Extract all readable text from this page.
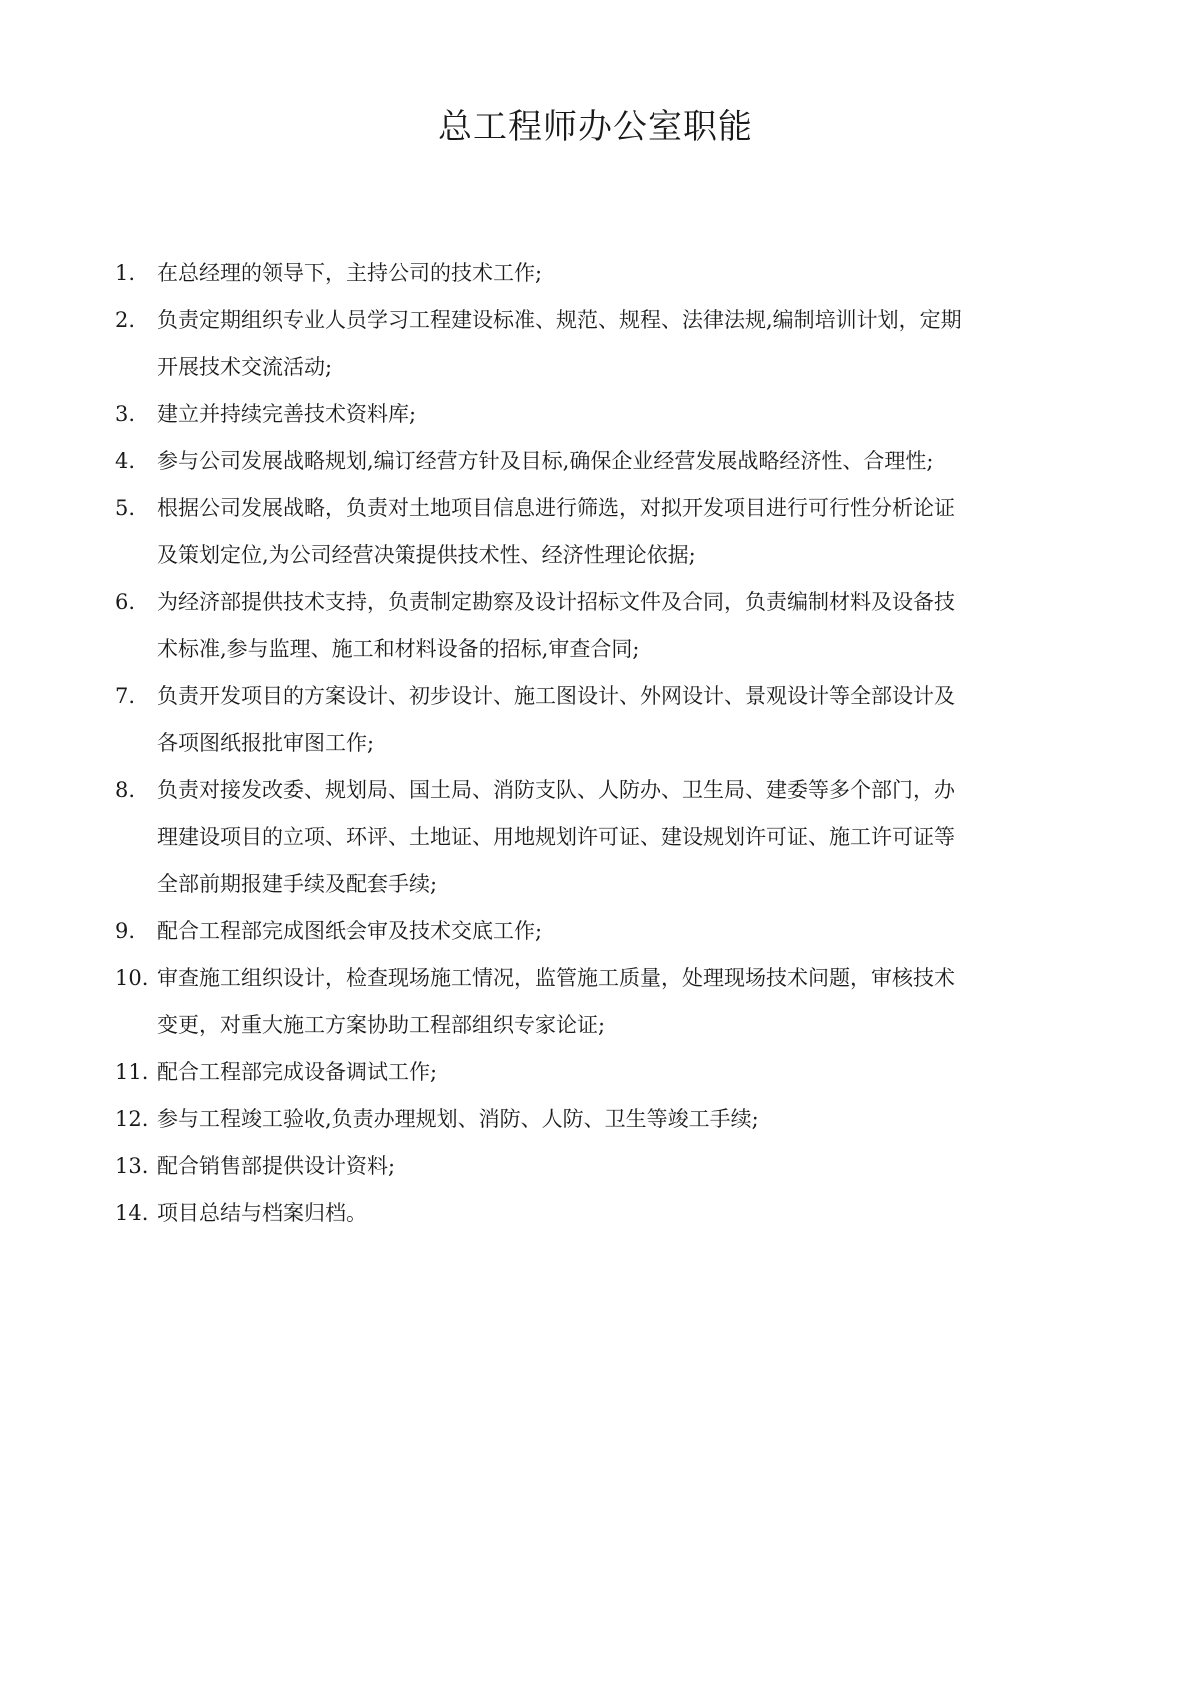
总工程师办公室职能
1.	在总经理的领导下，主持公司的技术工作;
2.	负责定期组织专业人员学习工程建设标准、规范、规程、法律法规,编制培训计划，定期
开展技术交流活动;
3.	建立并持续完善技术资料库;
4.	参与公司发展战略规划,编订经营方针及目标,确保企业经营发展战略经济性、合理性;
5.	根据公司发展战略，负责对土地项目信息进行筛选，对拟开发项目进行可行性分析论证
及策划定位,为公司经营决策提供技术性、经济性理论依据;
6.	为经济部提供技术支持，负责制定勘察及设计招标文件及合同，负责编制材料及设备技
术标准,参与监理、施工和材料设备的招标,审查合同;
7.	负责开发项目的方案设计、初步设计、施工图设计、外网设计、景观设计等全部设计及
各项图纸报批审图工作;
8.	负责对接发改委、规划局、国土局、消防支队、人防办、卫生局、建委等多个部门，办
理建设项目的立项、环评、土地证、用地规划许可证、建设规划许可证、施工许可证等
全部前期报建手续及配套手续;
9.	配合工程部完成图纸会审及技术交底工作;
10. 审查施工组织设计，检查现场施工情况，监管施工质量，处理现场技术问题，审核技术
变更，对重大施工方案协助工程部组织专家论证;
11. 配合工程部完成设备调试工作;
12. 参与工程竣工验收,负责办理规划、消防、人防、卫生等竣工手续;
13. 配合销售部提供设计资料;
14. 项目总结与档案归档。
